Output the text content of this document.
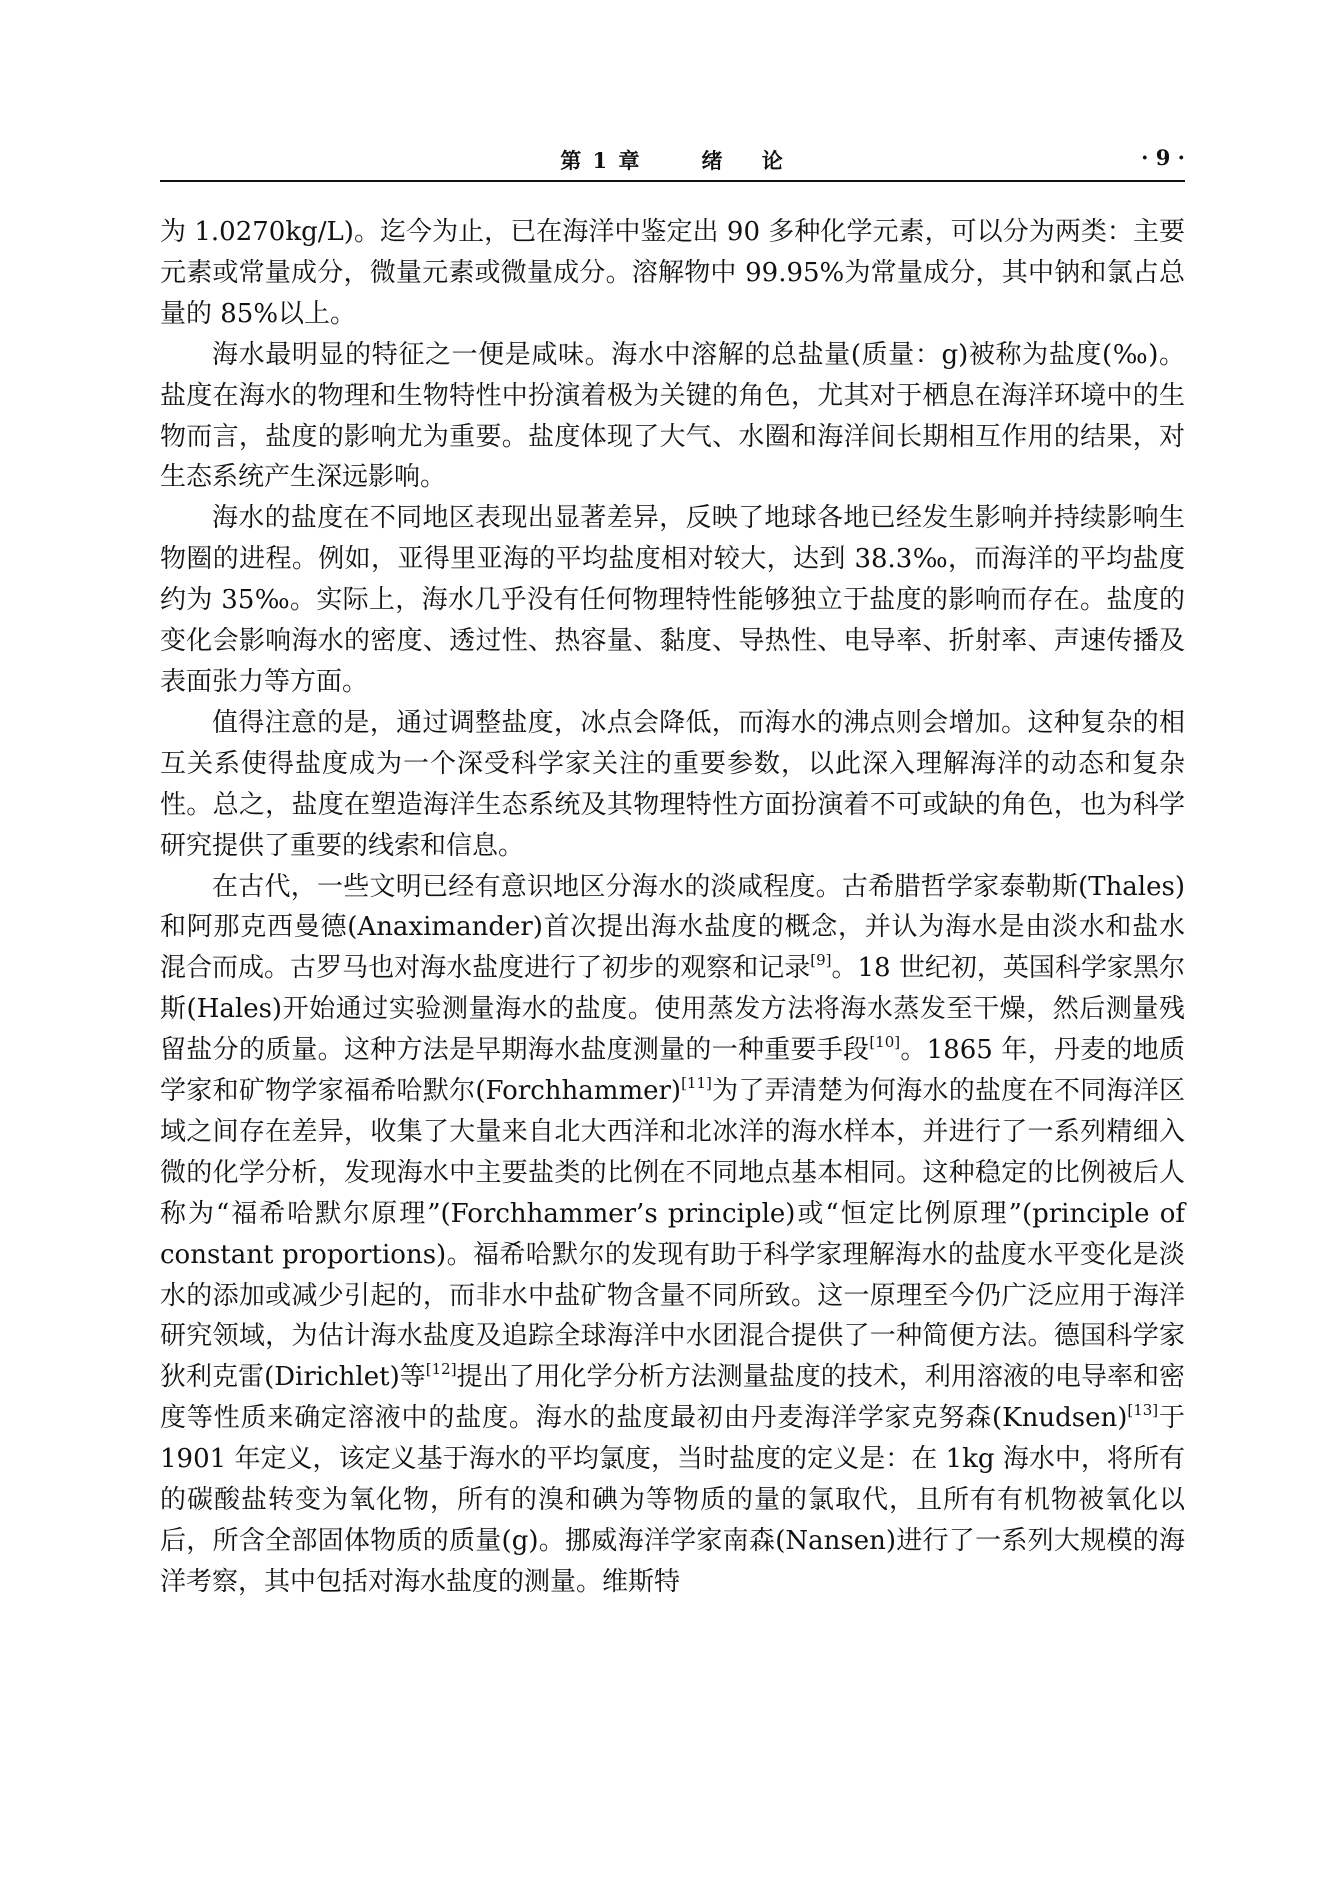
第 1 章	绪    论	· 9 ·

为 1.0270kg/L)。迄今为止，已在海洋中鉴定出 90 多种化学元素，可以分为两类：主要元素或常量成分，微量元素或微量成分。溶解物中 99.95%为常量成分，其中钠和氯占总量的 85%以上。

海水最明显的特征之一便是咸味。海水中溶解的总盐量(质量：g)被称为盐度(‰)。盐度在海水的物理和生物特性中扮演着极为关键的角色，尤其对于栖息在海洋环境中的生物而言，盐度的影响尤为重要。盐度体现了大气、水圈和海洋间长期相互作用的结果，对生态系统产生深远影响。

海水的盐度在不同地区表现出显著差异，反映了地球各地已经发生影响并持续影响生物圈的进程。例如，亚得里亚海的平均盐度相对较大，达到 38.3‰，而海洋的平均盐度约为 35‰。实际上，海水几乎没有任何物理特性能够独立于盐度的影响而存在。盐度的变化会影响海水的密度、透过性、热容量、黏度、导热性、电导率、折射率、声速传播及表面张力等方面。

值得注意的是，通过调整盐度，冰点会降低，而海水的沸点则会增加。这种复杂的相互关系使得盐度成为一个深受科学家关注的重要参数，以此深入理解海洋的动态和复杂性。总之，盐度在塑造海洋生态系统及其物理特性方面扮演着不可或缺的角色，也为科学研究提供了重要的线索和信息。

在古代，一些文明已经有意识地区分海水的淡咸程度。古希腊哲学家泰勒斯(Thales)和阿那克西曼德(Anaximander)首次提出海水盐度的概念，并认为海水是由淡水和盐水混合而成。古罗马也对海水盐度进行了初步的观察和记录[9]。18 世纪初，英国科学家黑尔斯(Hales)开始通过实验测量海水的盐度。使用蒸发方法将海水蒸发至干燥，然后测量残留盐分的质量。这种方法是早期海水盐度测量的一种重要手段[10]。1865 年，丹麦的地质学家和矿物学家福希哈默尔(Forchhammer)[11]为了弄清楚为何海水的盐度在不同海洋区域之间存在差异，收集了大量来自北大西洋和北冰洋的海水样本，并进行了一系列精细入微的化学分析，发现海水中主要盐类的比例在不同地点基本相同。这种稳定的比例被后人称为“福希哈默尔原理”(Forchhammer’s principle)或“恒定比例原理”(principle of constant proportions)。福希哈默尔的发现有助于科学家理解海水的盐度水平变化是淡水的添加或减少引起的，而非水中盐矿物含量不同所致。这一原理至今仍广泛应用于海洋研究领域，为估计海水盐度及追踪全球海洋中水团混合提供了一种简便方法。德国科学家狄利克雷(Dirichlet)等[12]提出了用化学分析方法测量盐度的技术，利用溶液的电导率和密度等性质来确定溶液中的盐度。海水的盐度最初由丹麦海洋学家克努森(Knudsen)[13]于 1901 年定义，该定义基于海水的平均氯度，当时盐度的定义是：在 1kg 海水中，将所有的碳酸盐转变为氧化物，所有的溴和碘为等物质的量的氯取代，且所有有机物被氧化以后，所含全部固体物质的质量(g)。挪威海洋学家南森(Nansen)进行了一系列大规模的海洋考察，其中包括对海水盐度的测量。维斯特
